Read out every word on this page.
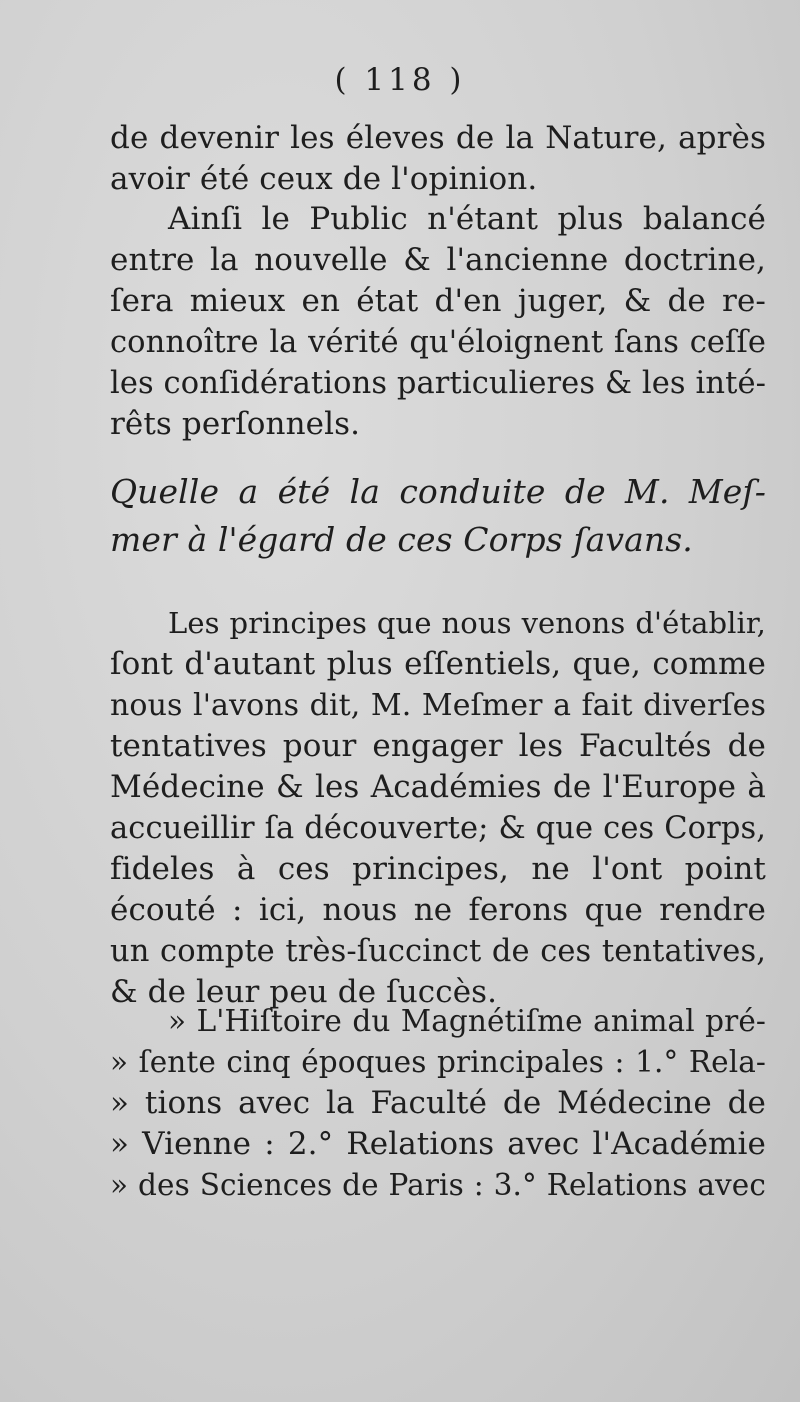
( 118 )
de devenir les éleves de la Nature, après
avoir été ceux de l'opinion.
Ainſi le Public n'étant plus balancé
entre la nouvelle & l'ancienne doctrine,
ſera mieux en état d'en juger, & de re-
connoître la vérité qu'éloignent ſans ceſſe
les conſidérations particulieres & les inté-
rêts perſonnels.
Quelle a été la conduite de M. Meſ-
mer à l'égard de ces Corps ſavans.
Les principes que nous venons d'établir,
ſont d'autant plus eſſentiels, que, comme
nous l'avons dit, M. Meſmer a fait diverſes
tentatives pour engager les Facultés de
Médecine & les Académies de l'Europe à
accueillir ſa découverte; & que ces Corps,
fideles à ces principes, ne l'ont point
écouté : ici, nous ne ferons que rendre
un compte très-ſuccinct de ces tentatives,
& de leur peu de ſuccès.
» L'Hiſtoire du Magnétiſme animal pré-
» ſente cinq époques principales : 1.° Rela-
» tions avec la Faculté de Médecine de
» Vienne : 2.° Relations avec l'Académie
» des Sciences de Paris : 3.° Relations avec
